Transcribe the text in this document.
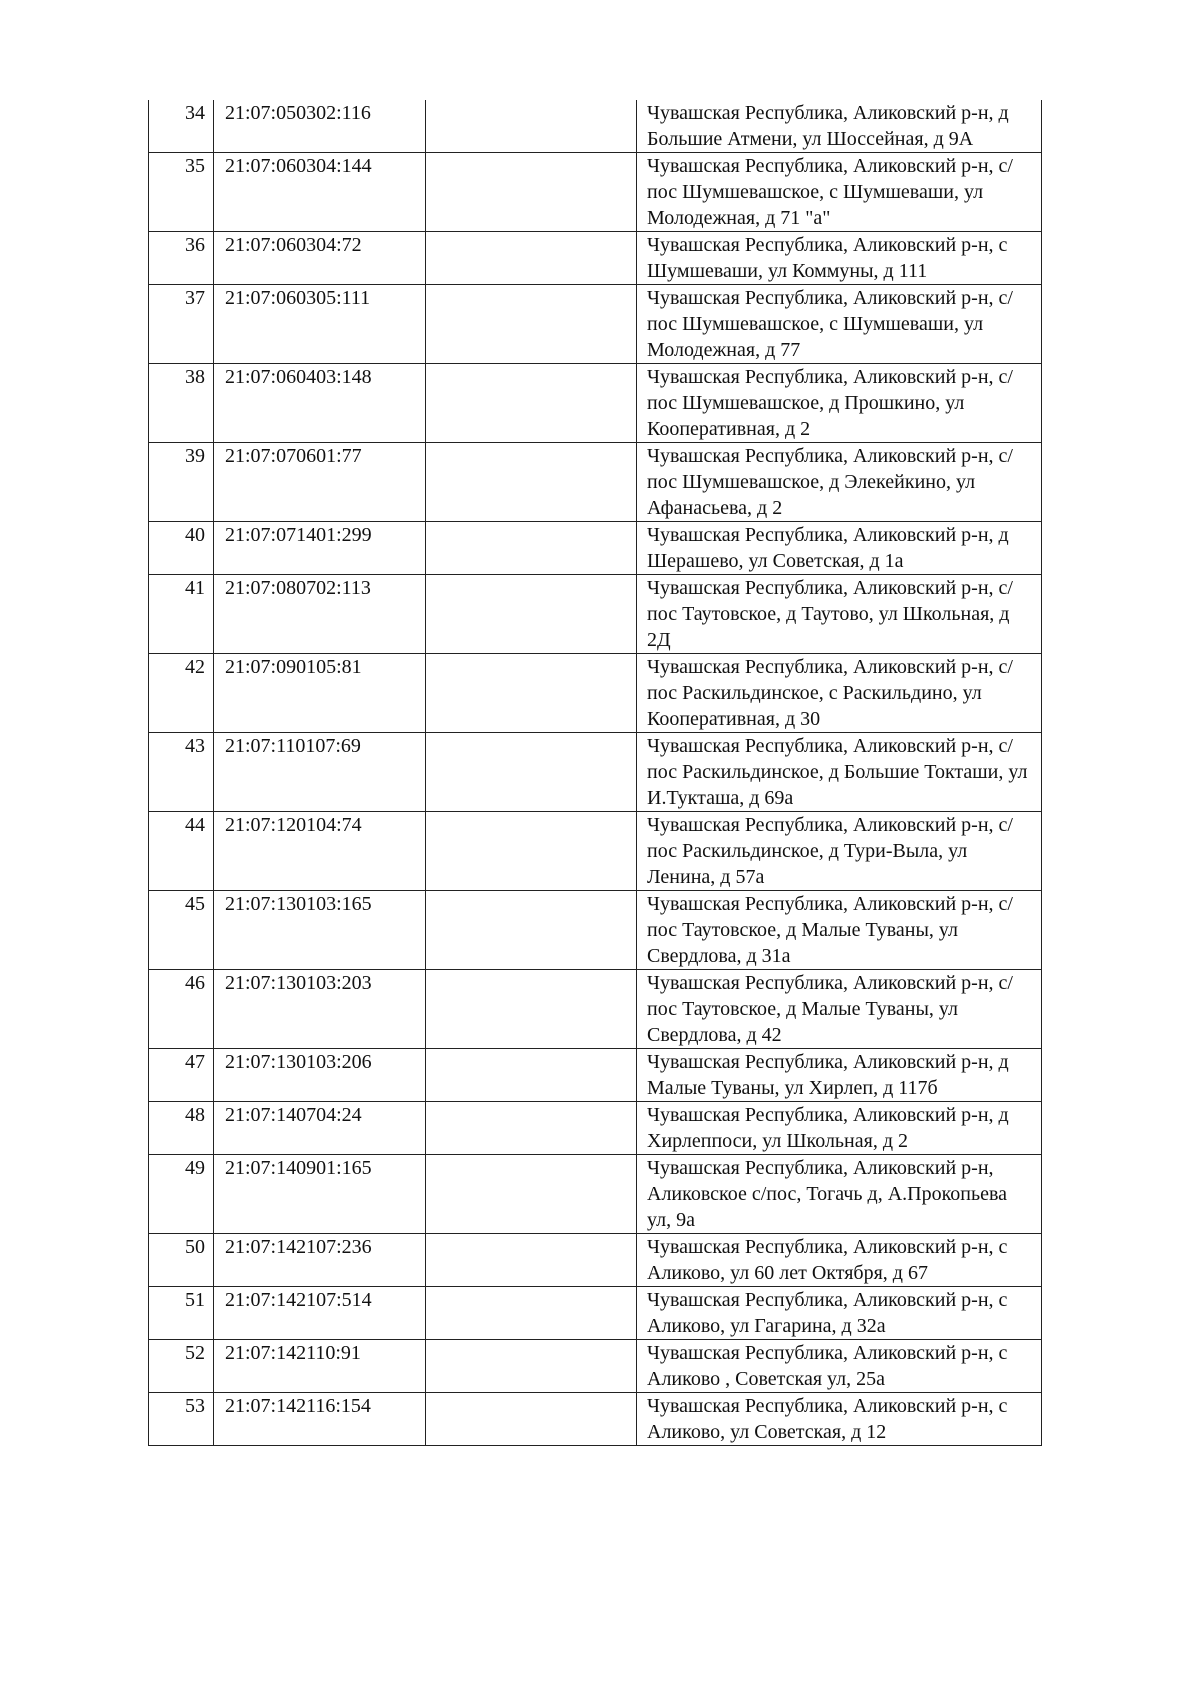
34	21:07:050302:116		Чувашская Республика, Аликовский р-н, д Большие Атмени, ул Шоссейная, д 9А
35	21:07:060304:144		Чувашская Республика, Аликовский р-н, с/пос Шумшевашское, с Шумшеваши, ул Молодежная, д 71 "а"
36	21:07:060304:72		Чувашская Республика, Аликовский р-н, с Шумшеваши, ул Коммуны, д 111
37	21:07:060305:111		Чувашская Республика, Аликовский р-н, с/пос Шумшевашское, с Шумшеваши, ул Молодежная, д 77
38	21:07:060403:148		Чувашская Республика, Аликовский р-н, с/пос Шумшевашское, д Прошкино, ул Кооперативная, д 2
39	21:07:070601:77		Чувашская Республика, Аликовский р-н, с/пос Шумшевашское, д Элекейкино, ул Афанасьева, д 2
40	21:07:071401:299		Чувашская Республика, Аликовский р-н, д Шерашево, ул Советская, д 1а
41	21:07:080702:113		Чувашская Республика, Аликовский р-н, с/пос Таутовское, д Таутово, ул Школьная, д 2Д
42	21:07:090105:81		Чувашская Республика, Аликовский р-н, с/пос Раскильдинское, с Раскильдино, ул Кооперативная, д 30
43	21:07:110107:69		Чувашская Республика, Аликовский р-н, с/пос Раскильдинское, д Большие Токташи, ул И.Тукташа, д 69а
44	21:07:120104:74		Чувашская Республика, Аликовский р-н, с/пос Раскильдинское, д Тури-Выла, ул Ленина, д 57а
45	21:07:130103:165		Чувашская Республика, Аликовский р-н, с/пос Таутовское, д Малые Туваны, ул Свердлова, д 31а
46	21:07:130103:203		Чувашская Республика, Аликовский р-н, с/пос Таутовское, д Малые Туваны, ул Свердлова, д 42
47	21:07:130103:206		Чувашская Республика, Аликовский р-н, д Малые Туваны, ул Хирлеп, д 117б
48	21:07:140704:24		Чувашская Республика, Аликовский р-н, д Хирлеппоси, ул Школьная, д 2
49	21:07:140901:165		Чувашская Республика, Аликовский р-н, Аликовское с/пос, Тогачь д, А.Прокопьева ул, 9а
50	21:07:142107:236		Чувашская Республика, Аликовский р-н, с Аликово, ул 60 лет Октября, д 67
51	21:07:142107:514		Чувашская Республика, Аликовский р-н, с Аликово, ул Гагарина, д 32а
52	21:07:142110:91		Чувашская Республика, Аликовский р-н, с Аликово , Советская ул, 25а
53	21:07:142116:154		Чувашская Республика, Аликовский р-н, с Аликово, ул Советская, д 12
